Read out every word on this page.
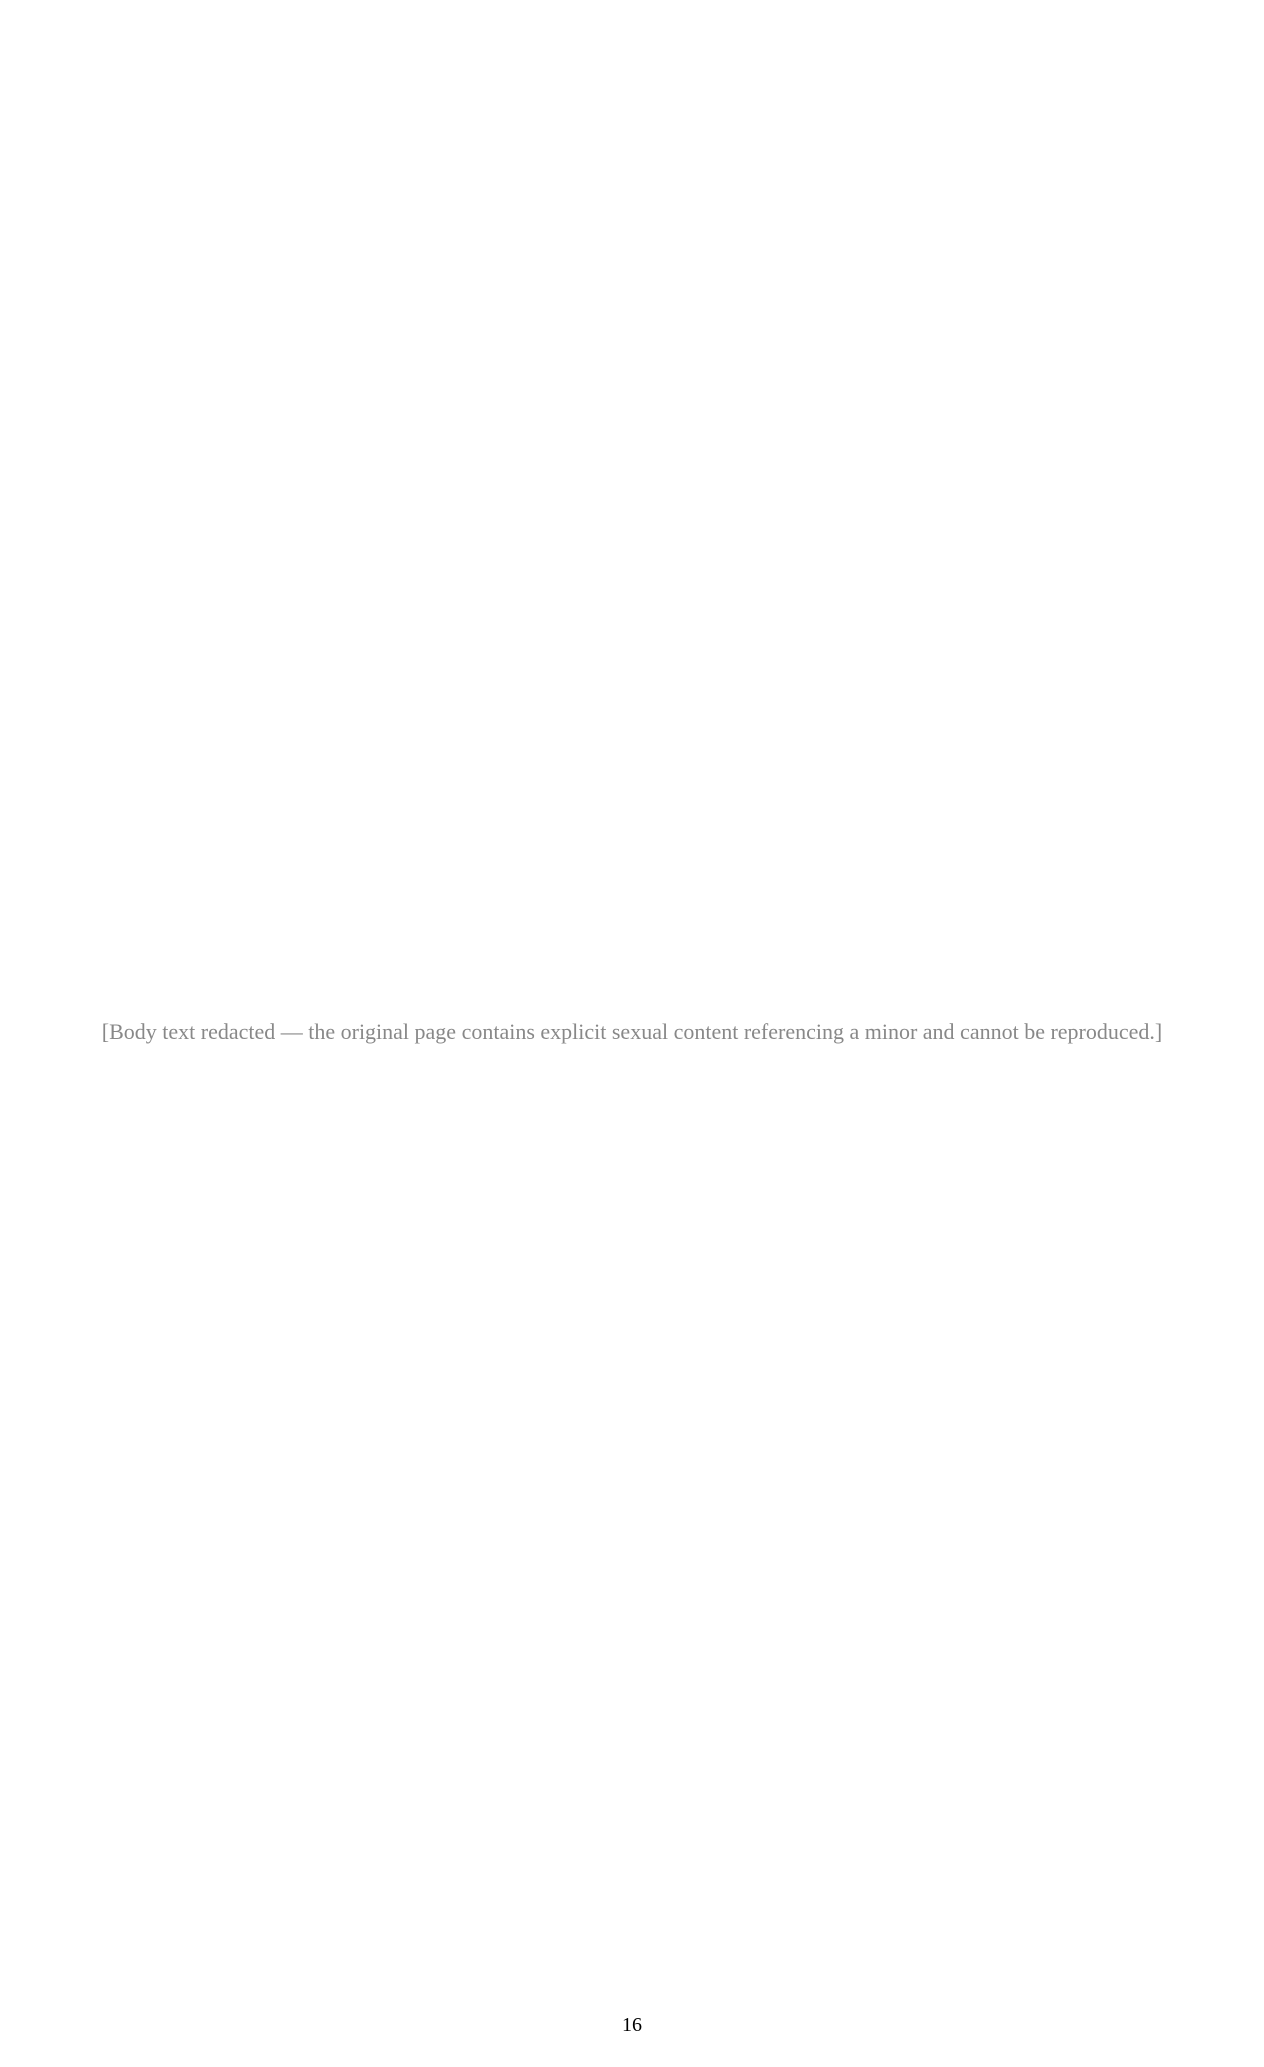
[Body text redacted — the original page contains explicit sexual content referencing a minor and cannot be reproduced.]
16
